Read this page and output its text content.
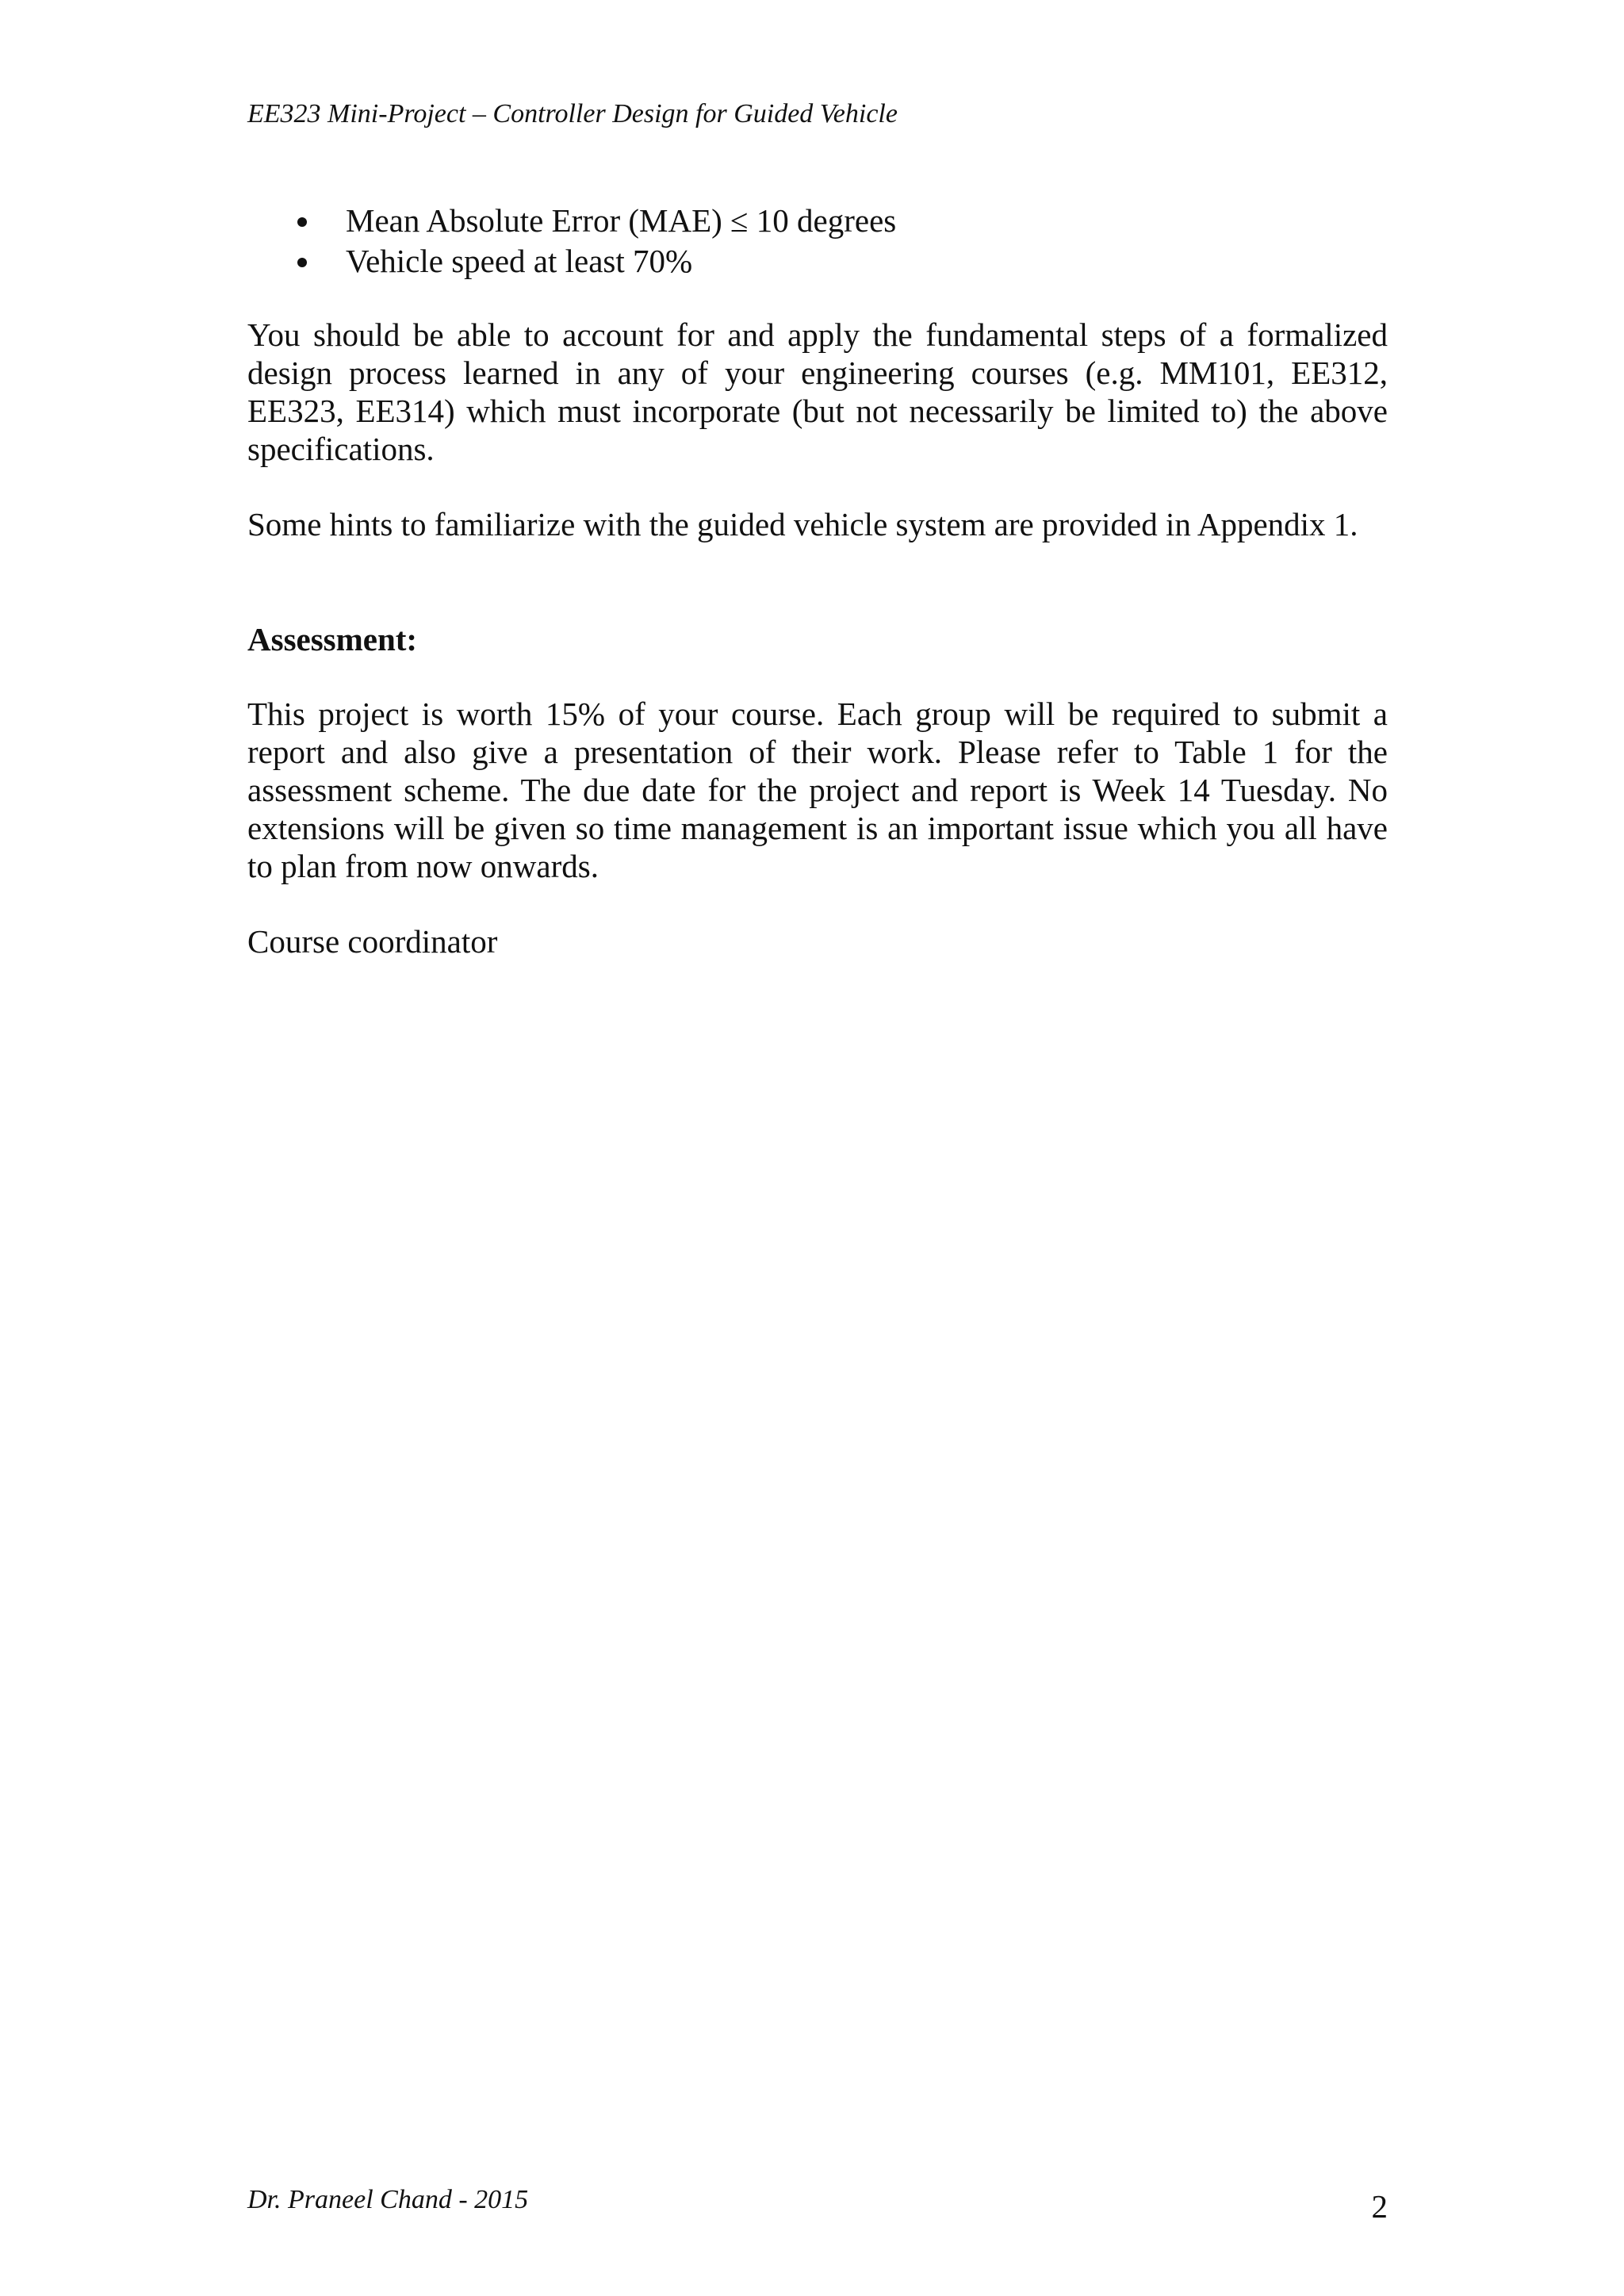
EE323 Mini-Project – Controller Design for Guided Vehicle
Mean Absolute Error (MAE) ≤ 10 degrees
Vehicle speed at least 70%
You should be able to account for and apply the fundamental steps of a formalized design process learned in any of your engineering courses (e.g. MM101, EE312, EE323, EE314) which must incorporate (but not necessarily be limited to) the above specifications.
Some hints to familiarize with the guided vehicle system are provided in Appendix 1.
Assessment:
This project is worth 15% of your course. Each group will be required to submit a report and also give a presentation of their work. Please refer to Table 1 for the assessment scheme. The due date for the project and report is Week 14 Tuesday. No extensions will be given so time management is an important issue which you all have to plan from now onwards.
Course coordinator
Dr. Praneel Chand - 2015	2
